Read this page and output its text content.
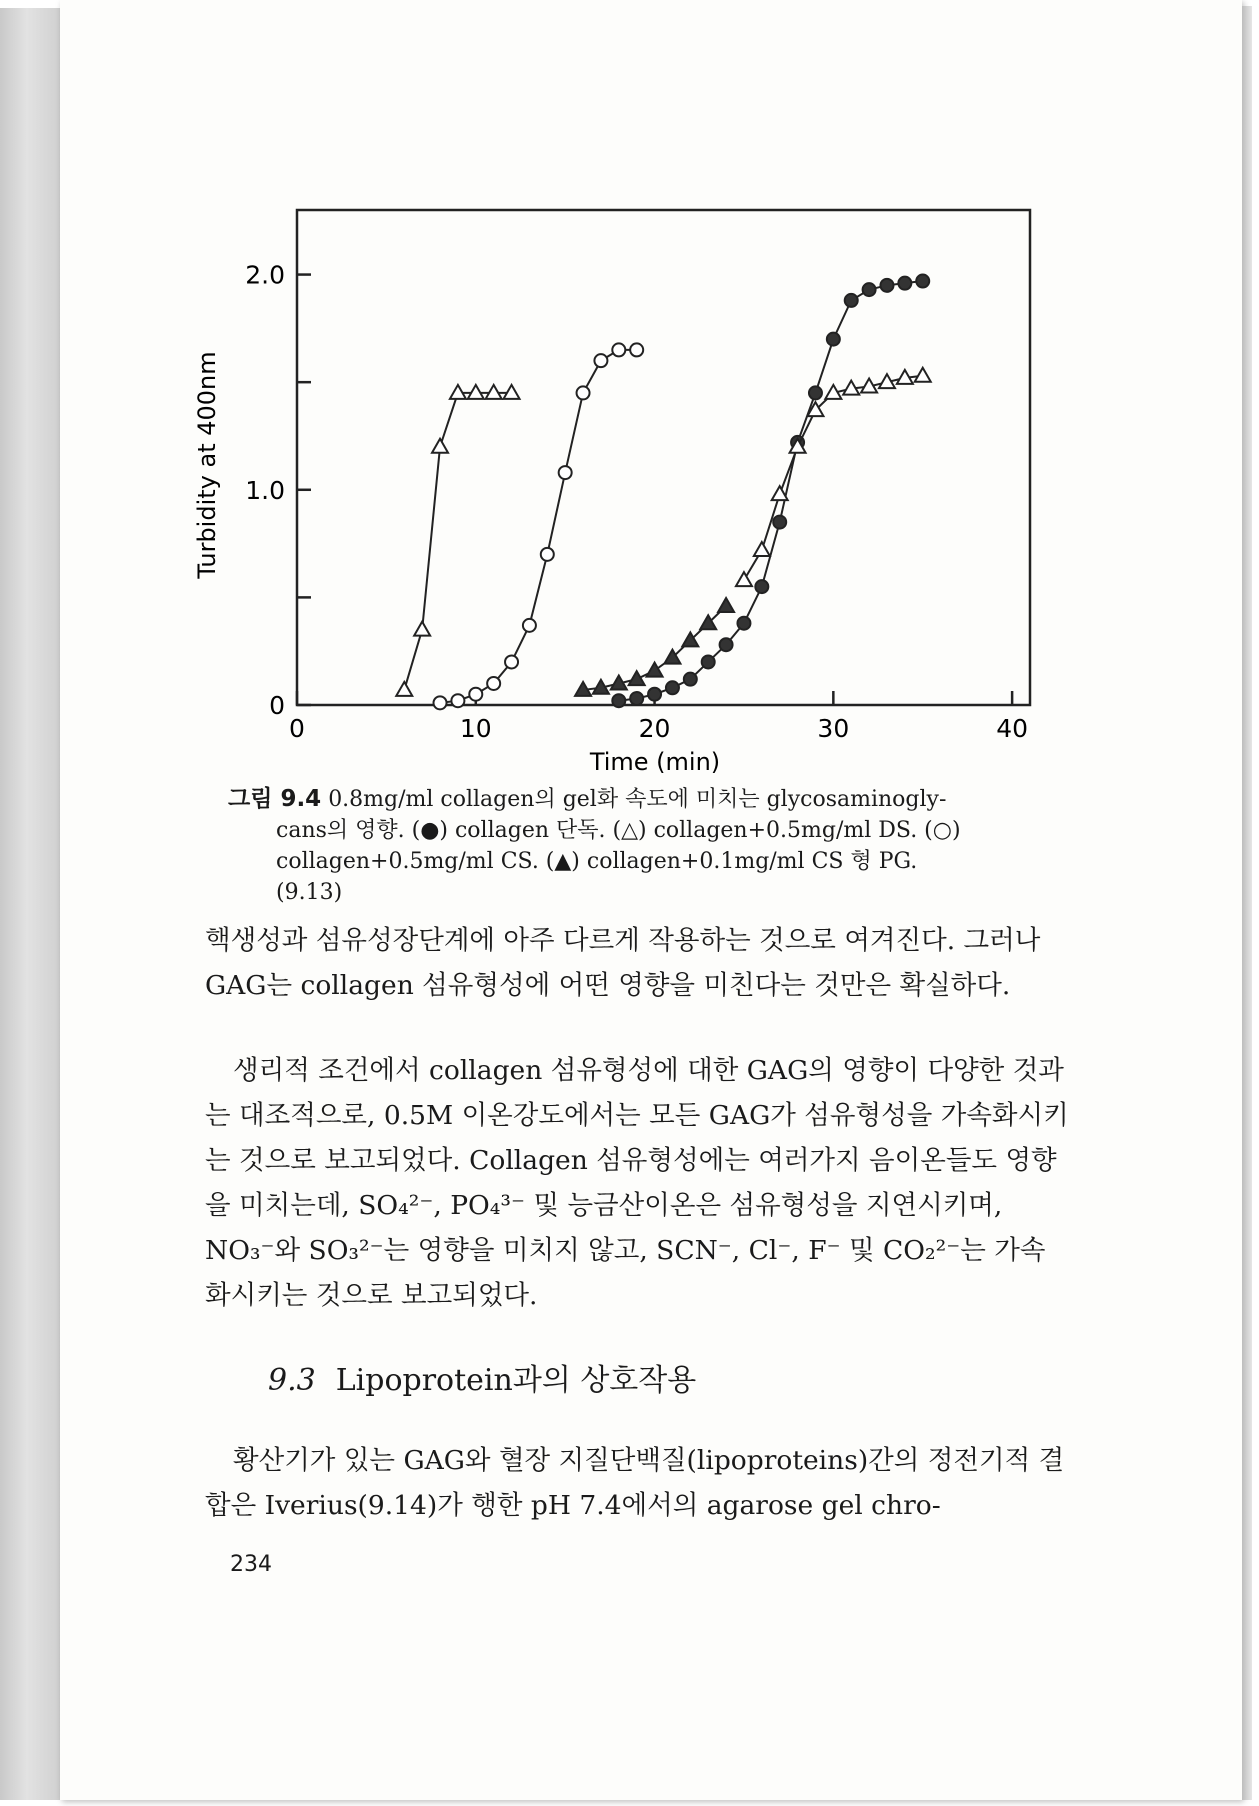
0
1.0
2.0
0	10	20	30	40
Time (min)
Turbidity at 400nm
그림 9.4 0.8mg/ml collagen의 gel화 속도에 미치는 glycosaminogly-
cans의 영향. (●) collagen 단독. (△) collagen+0.5mg/ml DS. (○)
collagen+0.5mg/ml CS. (▲) collagen+0.1mg/ml CS 형 PG.
(9.13)

핵생성과 섬유성장단계에 아주 다르게 작용하는 것으로 여겨진다. 그러나 GAG는 collagen 섬유형성에 어떤 영향을 미친다는 것만은 확실하다.

생리적 조건에서 collagen 섬유형성에 대한 GAG의 영향이 다양한 것과는 대조적으로, 0.5M 이온강도에서는 모든 GAG가 섬유형성을 가속화시키는 것으로 보고되었다. Collagen 섬유형성에는 여러가지 음이온들도 영향을 미치는데, SO₄²⁻, PO₄³⁻ 및 능금산이온은 섬유형성을 지연시키며, NO₃⁻와 SO₃²⁻는 영향을 미치지 않고, SCN⁻, Cl⁻, F⁻ 및 CO₂²⁻는 가속화시키는 것으로 보고되었다.

9.3 Lipoprotein과의 상호작용

황산기가 있는 GAG와 혈장 지질단백질(lipoproteins)간의 정전기적 결합은 Iverius(9.14)가 행한 pH 7.4에서의 agarose gel chro-

234
